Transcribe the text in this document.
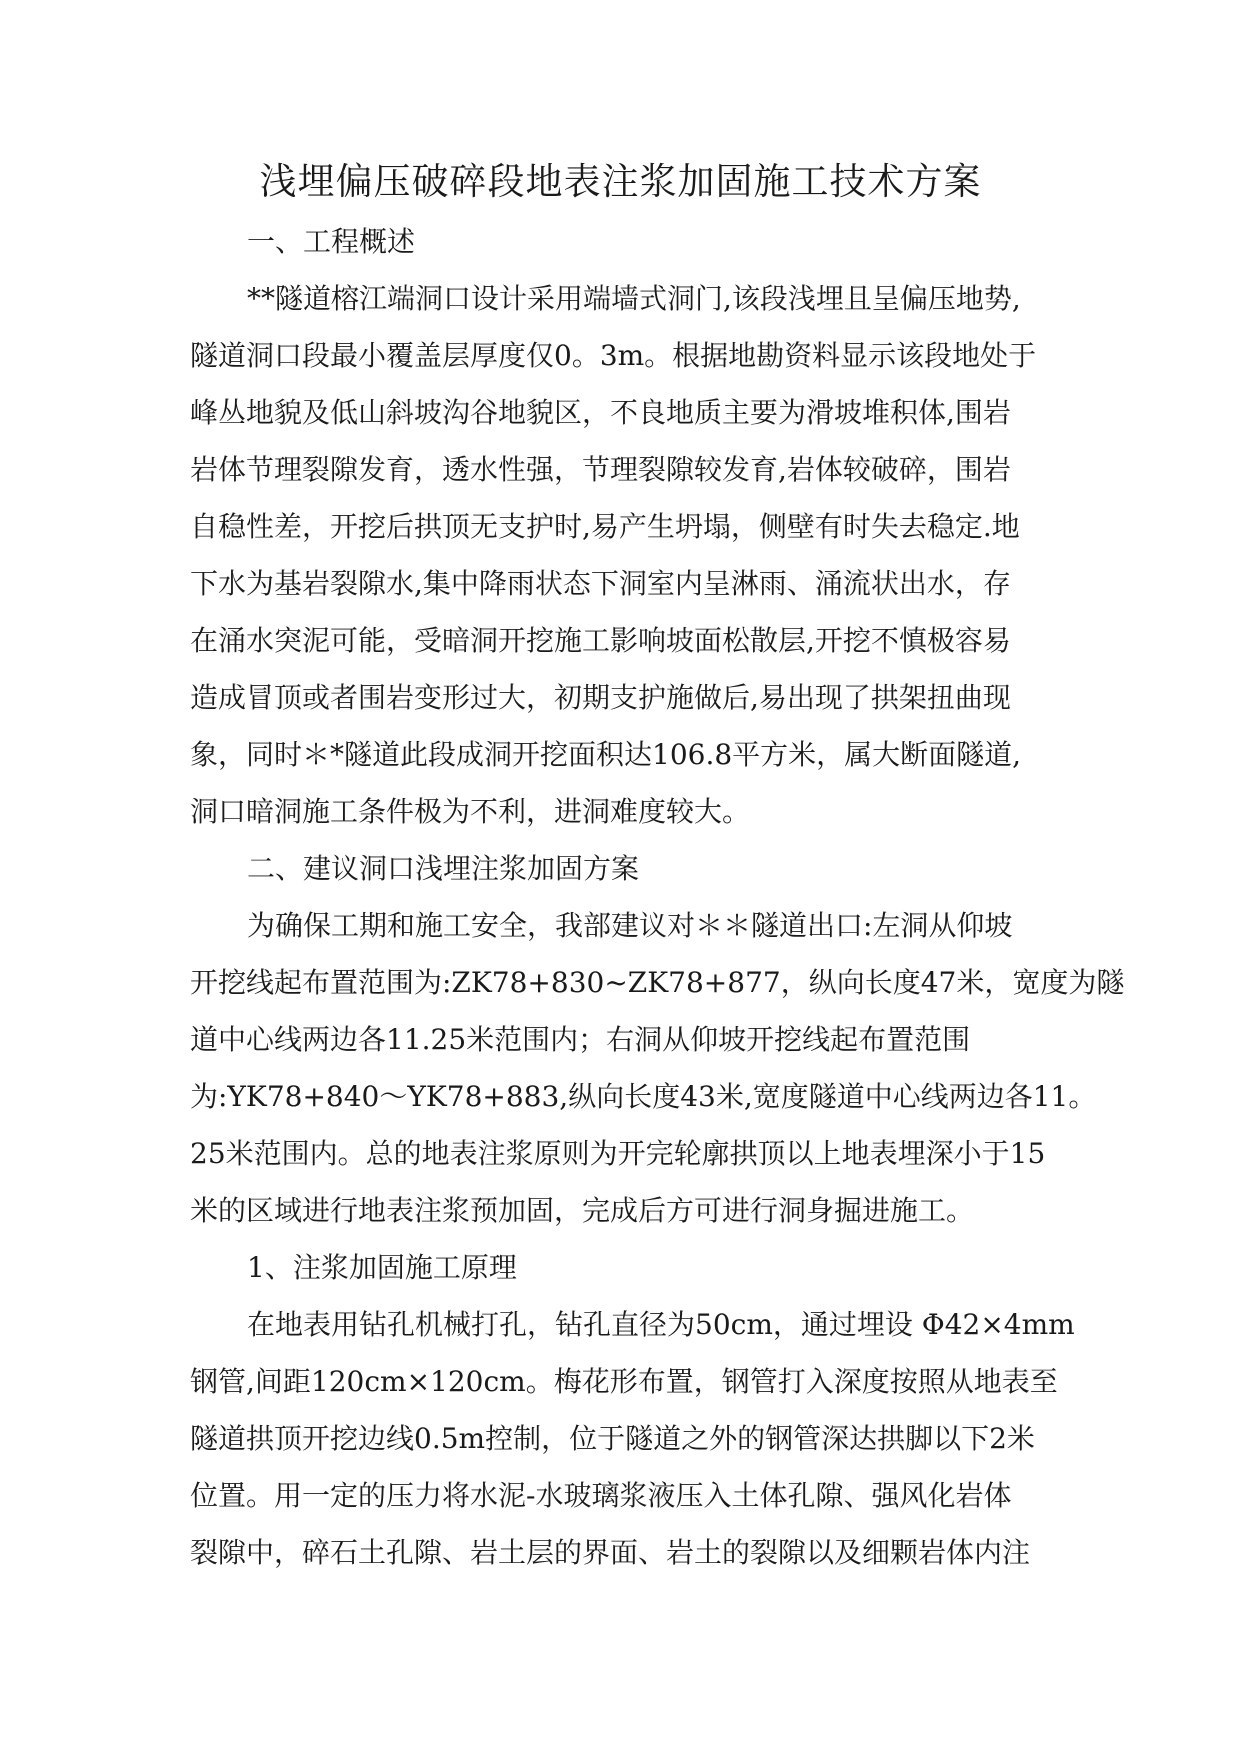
浅埋偏压破碎段地表注浆加固施工技术方案
一、工程概述
**隧道榕江端洞口设计采用端墙式洞门,该段浅埋且呈偏压地势,
隧道洞口段最小覆盖层厚度仅0。3m。根据地勘资料显示该段地处于
峰丛地貌及低山斜坡沟谷地貌区，不良地质主要为滑坡堆积体,围岩
岩体节理裂隙发育，透水性强，节理裂隙较发育,岩体较破碎，围岩
自稳性差，开挖后拱顶无支护时,易产生坍塌，侧壁有时失去稳定.地
下水为基岩裂隙水,集中降雨状态下洞室内呈淋雨、涌流状出水，存
在涌水突泥可能，受暗洞开挖施工影响坡面松散层,开挖不慎极容易
造成冒顶或者围岩变形过大，初期支护施做后,易出现了拱架扭曲现
象，同时＊*隧道此段成洞开挖面积达106.8平方米，属大断面隧道,
洞口暗洞施工条件极为不利，进洞难度较大。
二、建议洞口浅埋注浆加固方案
为确保工期和施工安全，我部建议对＊＊隧道出口:左洞从仰坡
开挖线起布置范围为:ZK78+830~ZK78+877，纵向长度47米，宽度为隧
道中心线两边各11.25米范围内；右洞从仰坡开挖线起布置范围
为:YK78+840～YK78+883,纵向长度43米,宽度隧道中心线两边各11。
25米范围内。总的地表注浆原则为开完轮廓拱顶以上地表埋深小于15
米的区域进行地表注浆预加固，完成后方可进行洞身掘进施工。
1、注浆加固施工原理
在地表用钻孔机械打孔，钻孔直径为50cm，通过埋设 Φ42×4mm
钢管,间距120cm×120cm。梅花形布置，钢管打入深度按照从地表至
隧道拱顶开挖边线0.5m控制，位于隧道之外的钢管深达拱脚以下2米
位置。用一定的压力将水泥-水玻璃浆液压入土体孔隙、强风化岩体
裂隙中，碎石土孔隙、岩土层的界面、岩土的裂隙以及细颗岩体内注
